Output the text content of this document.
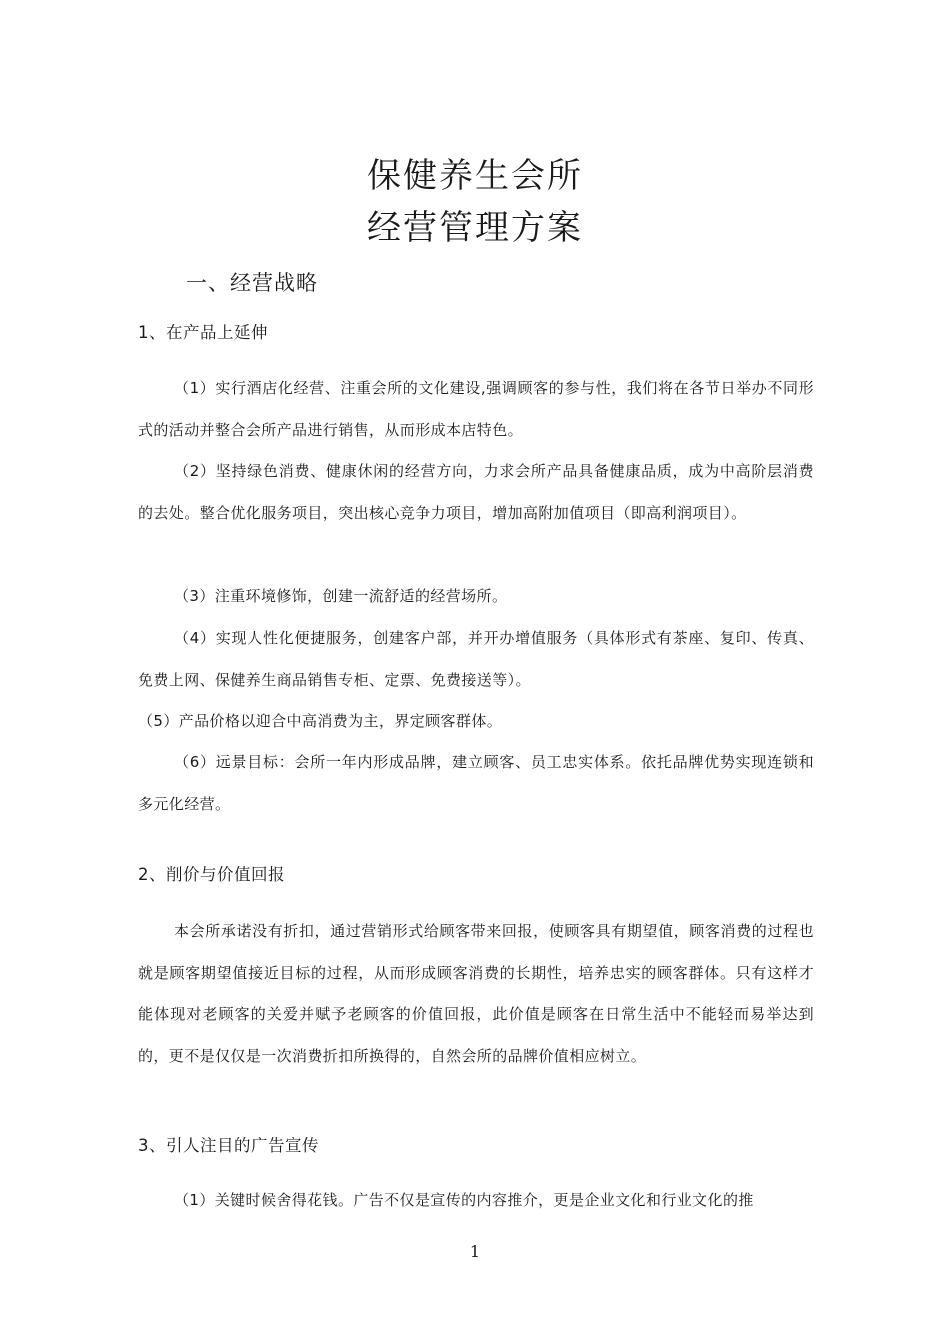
保健养生会所
经营管理方案
一、经营战略
1、在产品上延伸
（1）实行酒店化经营、注重会所的文化建设,强调顾客的参与性，我们将在各节日举办不同形式的活动并整合会所产品进行销售，从而形成本店特色。
（2）坚持绿色消费、健康休闲的经营方向，力求会所产品具备健康品质，成为中高阶层消费的去处。整合优化服务项目，突出核心竞争力项目，增加高附加值项目（即高利润项目）。
（3）注重环境修饰，创建一流舒适的经营场所。
（4）实现人性化便捷服务，创建客户部，并开办增值服务（具体形式有茶座、复印、传真、免费上网、保健养生商品销售专柜、定票、免费接送等）。
（5）产品价格以迎合中高消费为主，界定顾客群体。
（6）远景目标：会所一年内形成品牌，建立顾客、员工忠实体系。依托品牌优势实现连锁和多元化经营。
2、削价与价值回报
本会所承诺没有折扣，通过营销形式给顾客带来回报，使顾客具有期望值，顾客消费的过程也就是顾客期望值接近目标的过程，从而形成顾客消费的长期性，培养忠实的顾客群体。只有这样才能体现对老顾客的关爱并赋予老顾客的价值回报，此价值是顾客在日常生活中不能轻而易举达到的，更不是仅仅是一次消费折扣所换得的，自然会所的品牌价值相应树立。
3、引人注目的广告宣传
（1）关键时候舍得花钱。广告不仅是宣传的内容推介，更是企业文化和行业文化的推
1
